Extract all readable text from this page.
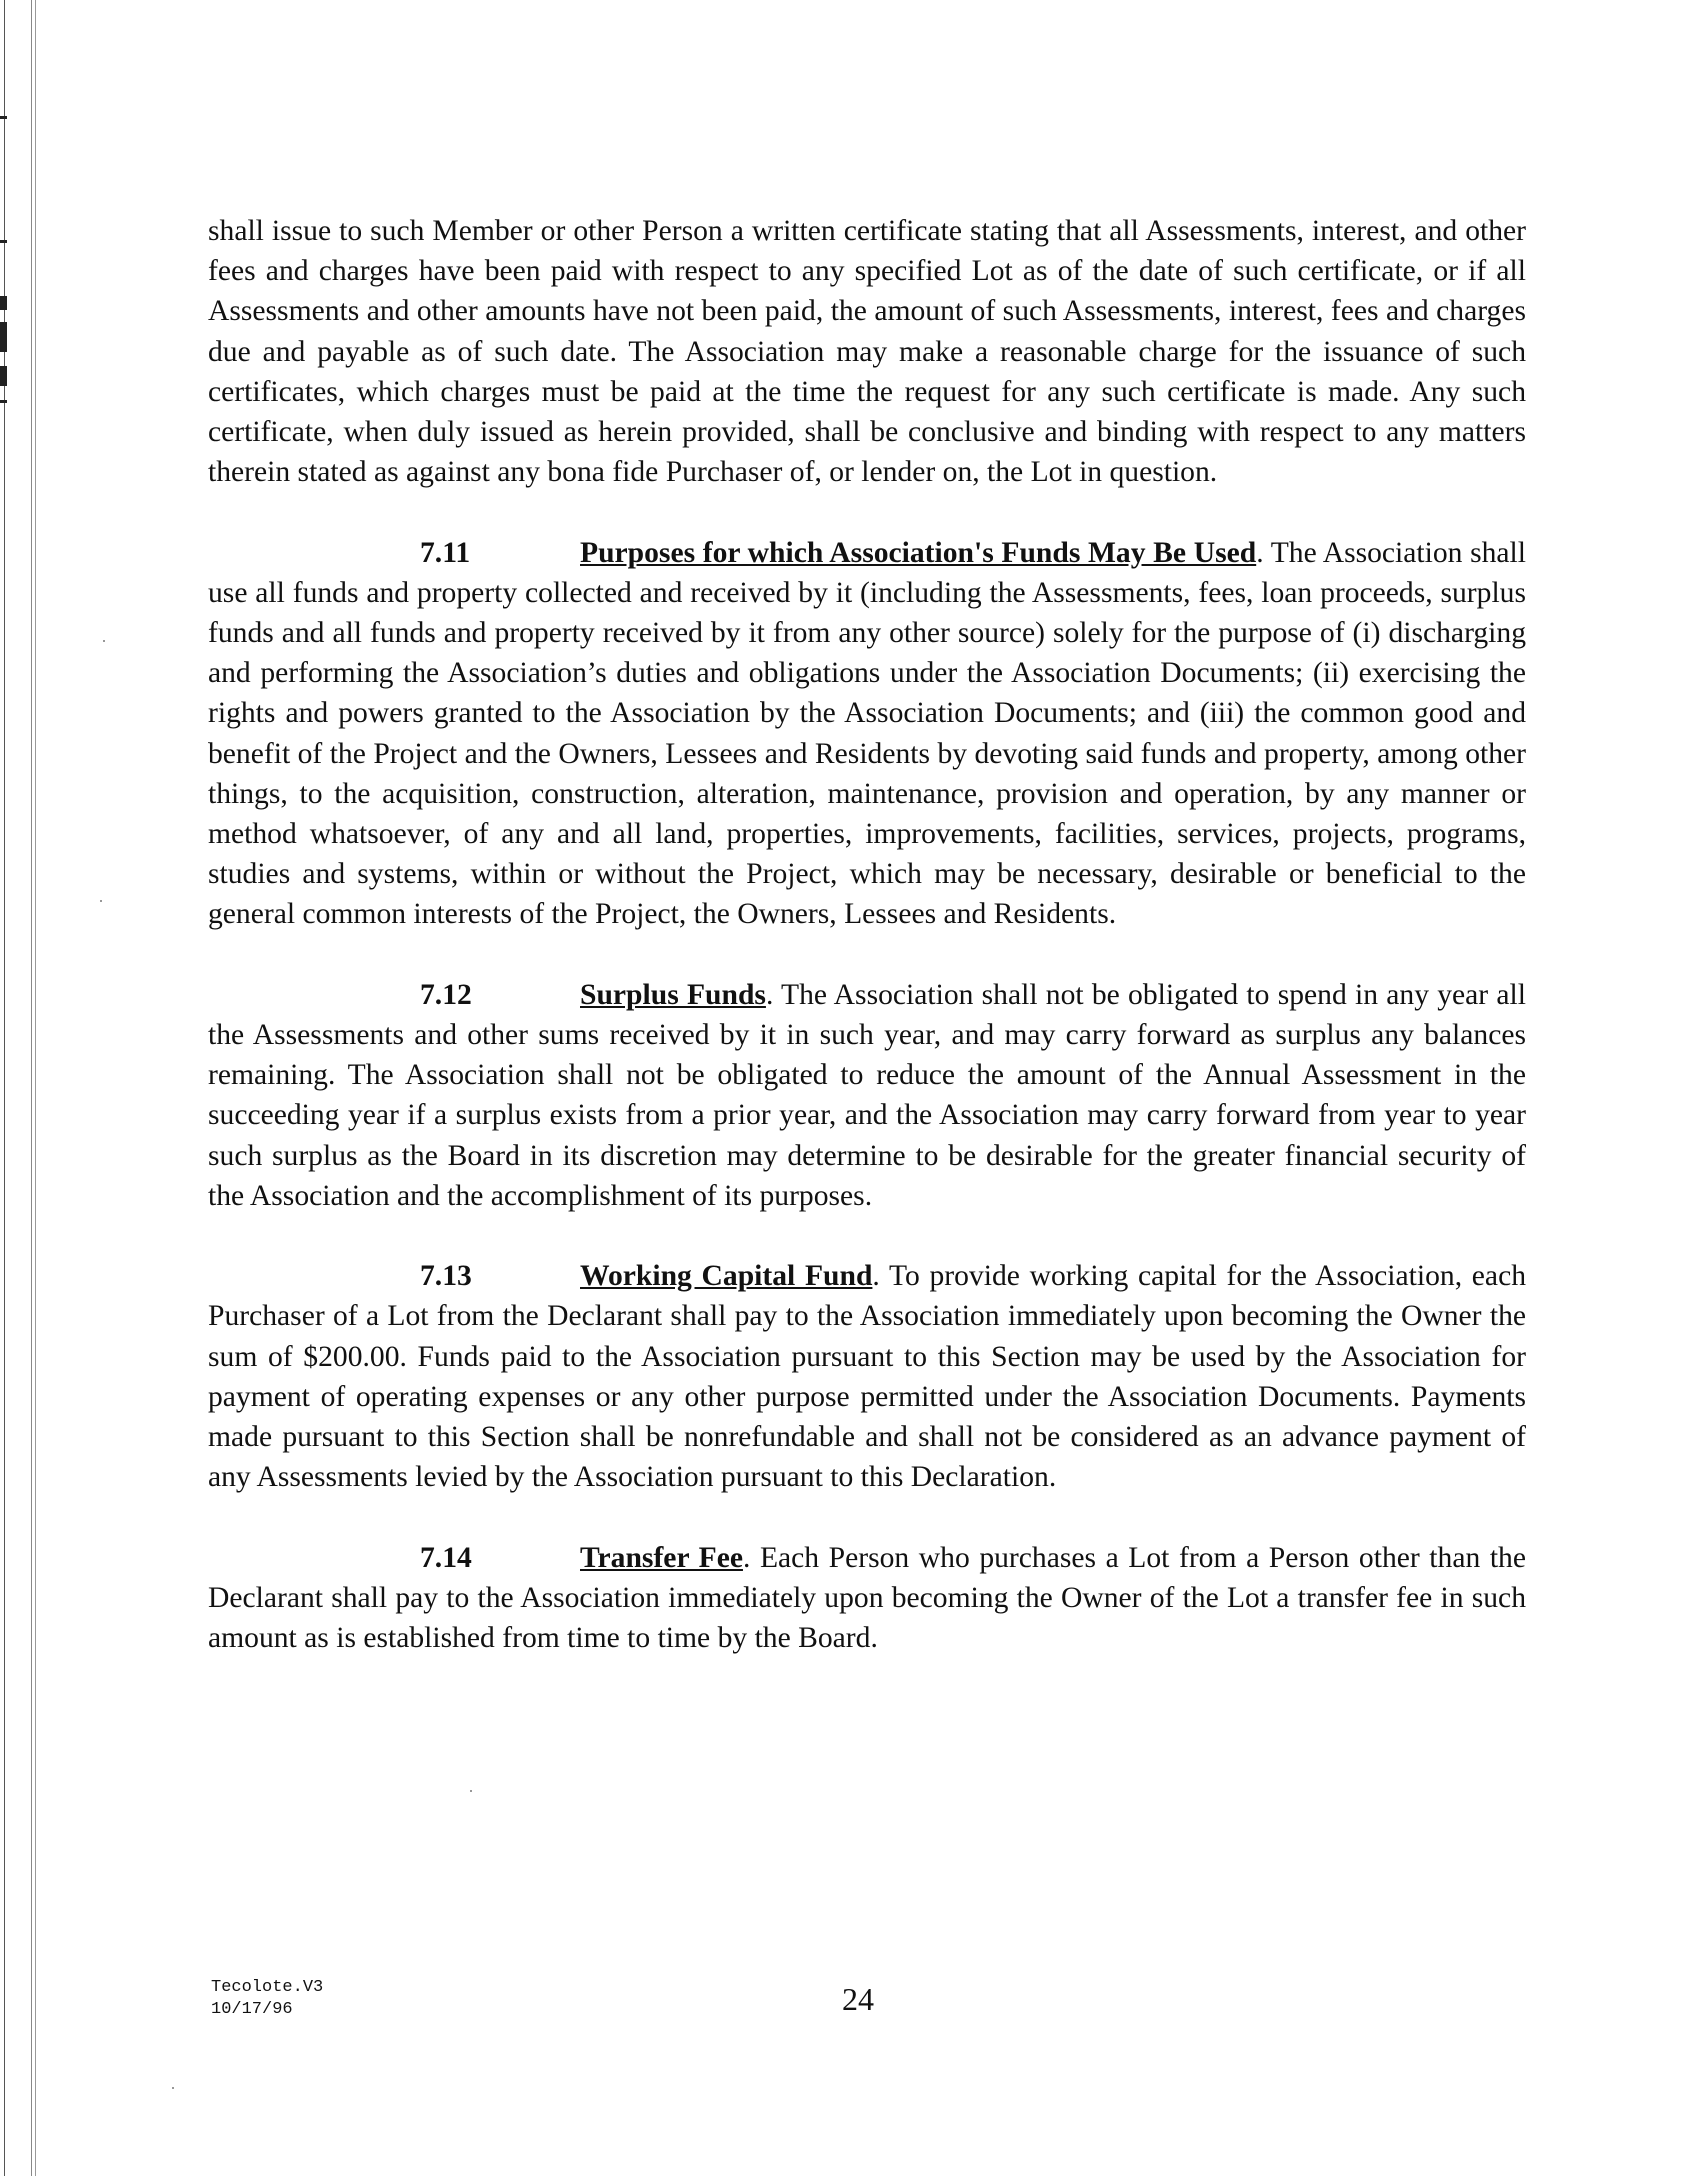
shall issue to such Member or other Person a written certificate stating that all Assessments, interest, and other fees and charges have been paid with respect to any specified Lot as of the date of such certificate, or if all Assessments and other amounts have not been paid, the amount of such Assessments, interest, fees and charges due and payable as of such date. The Association may make a reasonable charge for the issuance of such certificates, which charges must be paid at the time the request for any such certificate is made. Any such certificate, when duly issued as herein provided, shall be conclusive and binding with respect to any matters therein stated as against any bona fide Purchaser of, or lender on, the Lot in question.

7.11	Purposes for which Association's Funds May Be Used. The Association shall use all funds and property collected and received by it (including the Assessments, fees, loan proceeds, surplus funds and all funds and property received by it from any other source) solely for the purpose of (i) discharging and performing the Association’s duties and obligations under the Association Documents; (ii) exercising the rights and powers granted to the Association by the Association Documents; and (iii) the common good and benefit of the Project and the Owners, Lessees and Residents by devoting said funds and property, among other things, to the acquisition, construction, alteration, maintenance, provision and operation, by any manner or method whatsoever, of any and all land, properties, improvements, facilities, services, projects, programs, studies and systems, within or without the Project, which may be necessary, desirable or beneficial to the general common interests of the Project, the Owners, Lessees and Residents.

7.12	Surplus Funds. The Association shall not be obligated to spend in any year all the Assessments and other sums received by it in such year, and may carry forward as surplus any balances remaining. The Association shall not be obligated to reduce the amount of the Annual Assessment in the succeeding year if a surplus exists from a prior year, and the Association may carry forward from year to year such surplus as the Board in its discretion may determine to be desirable for the greater financial security of the Association and the accomplishment of its purposes.

7.13	Working Capital Fund. To provide working capital for the Association, each Purchaser of a Lot from the Declarant shall pay to the Association immediately upon becoming the Owner the sum of $200.00. Funds paid to the Association pursuant to this Section may be used by the Association for payment of operating expenses or any other purpose permitted under the Association Documents. Payments made pursuant to this Section shall be nonrefundable and shall not be considered as an advance payment of any Assessments levied by the Association pursuant to this Declaration.

7.14	Transfer Fee. Each Person who purchases a Lot from a Person other than the Declarant shall pay to the Association immediately upon becoming the Owner of the Lot a transfer fee in such amount as is established from time to time by the Board.

Tecolote.V3
10/17/96	24
